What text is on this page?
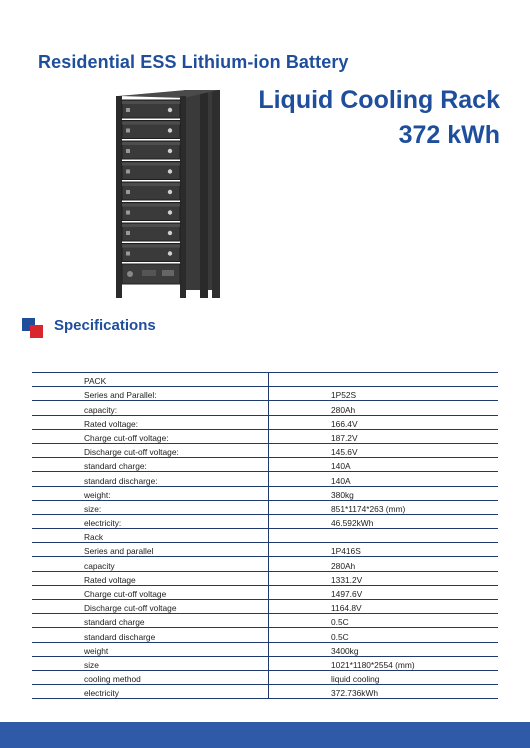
Residential ESS Lithium-ion Battery
Liquid Cooling Rack
372 kWh
Specifications
PACK	
Series and Parallel:	1P52S
capacity:	280Ah
Rated voltage:	166.4V
Charge cut-off voltage:	187.2V
Discharge cut-off voltage:	145.6V
standard charge:	140A
standard discharge:	140A
weight:	380kg
size:	851*1174*263 (mm)
electricity:	46.592kWh
Rack	
Series and parallel	1P416S
capacity	280Ah
Rated voltage	1331.2V
Charge cut-off voltage	1497.6V
Discharge cut-off voltage	1164.8V
standard charge	0.5C
standard discharge	0.5C
weight	3400kg
size	1021*1180*2554 (mm)
cooling method	liquid cooling
electricity	372.736kWh
